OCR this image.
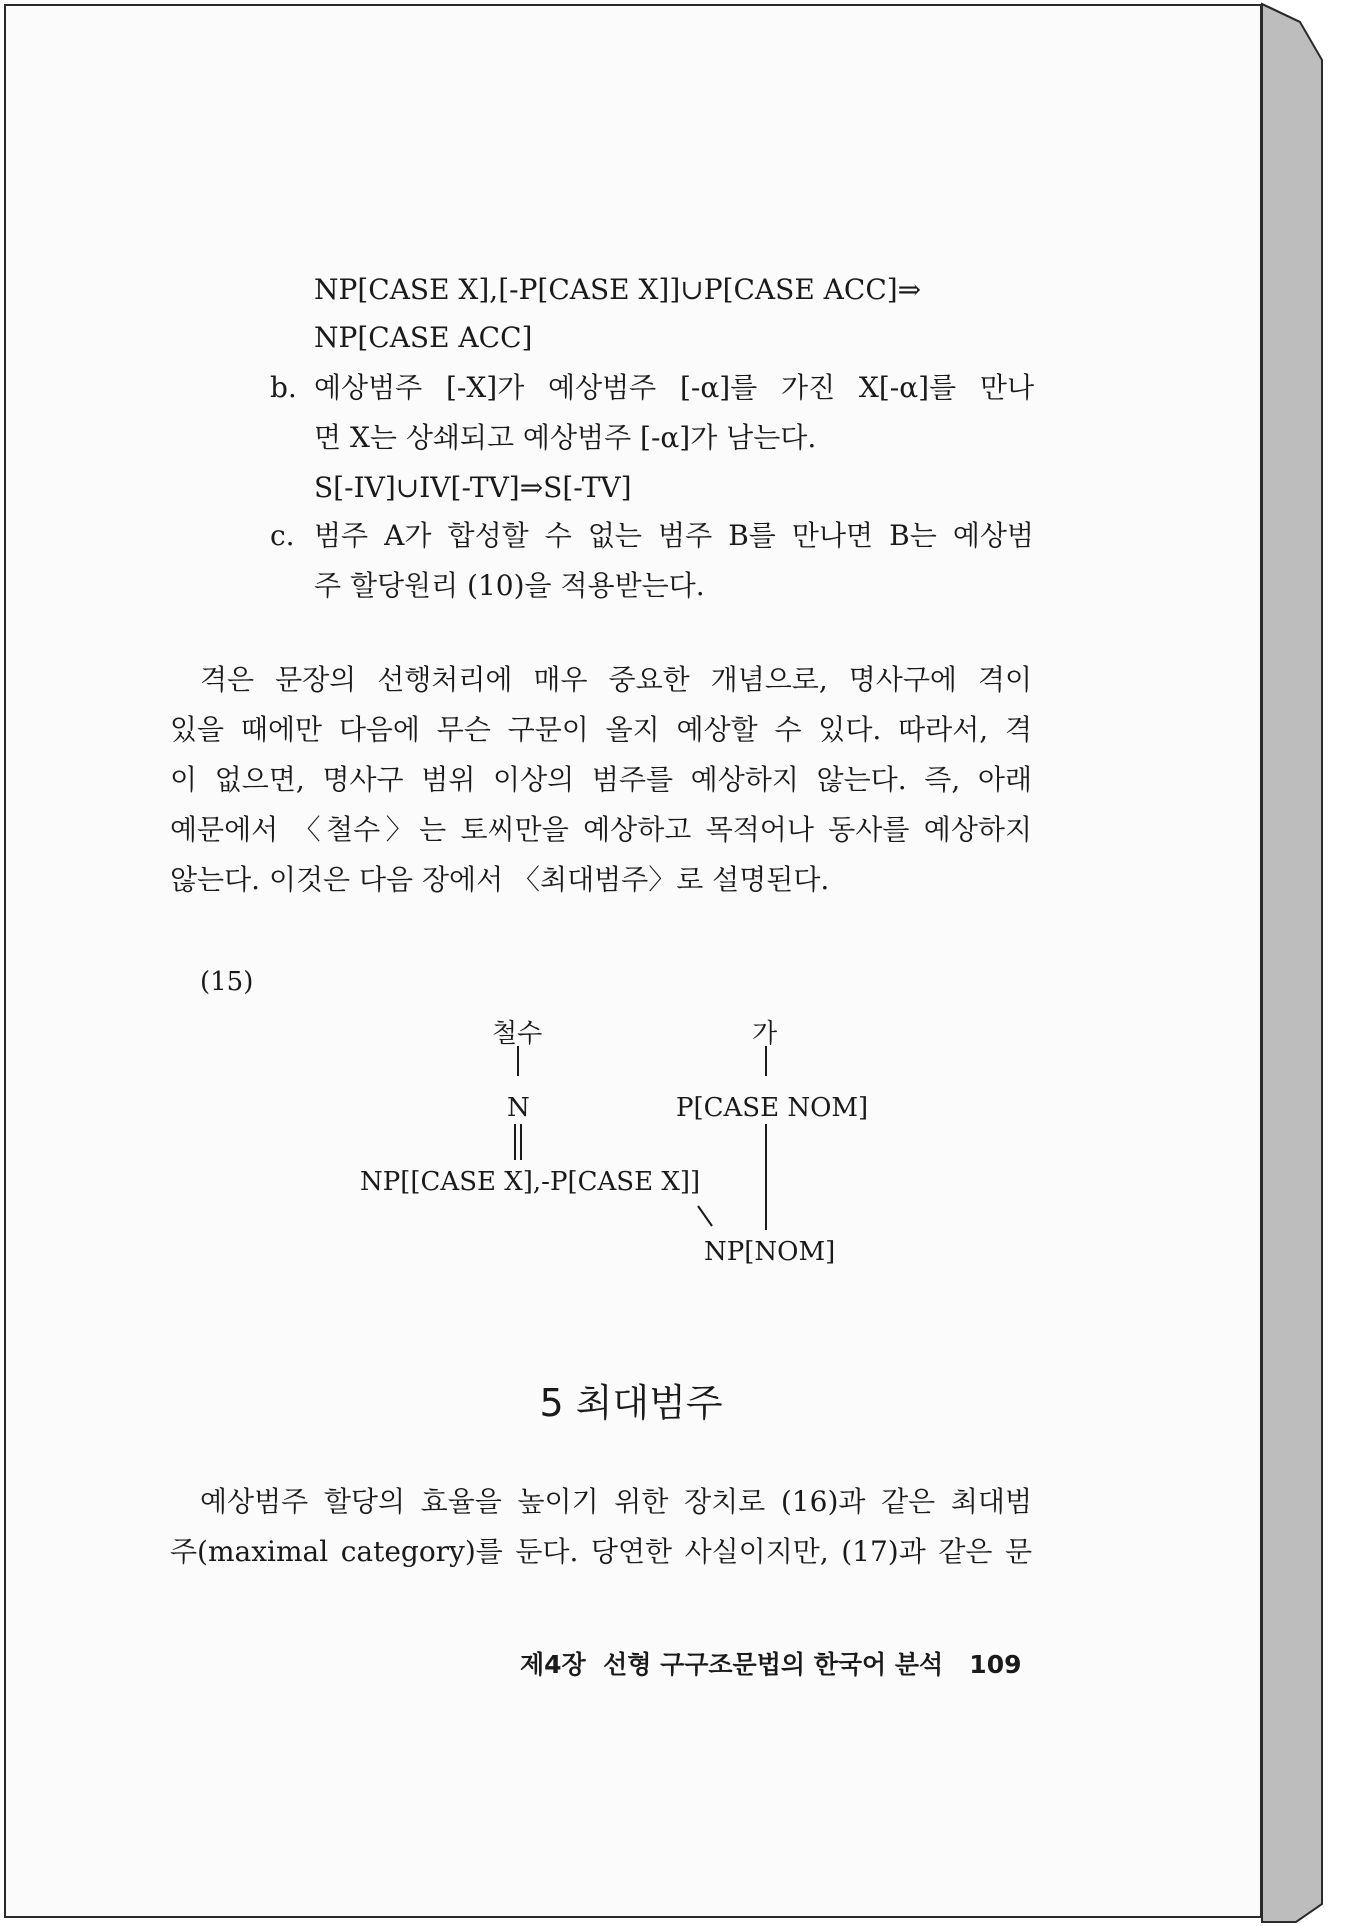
NP[CASE X],[-P[CASE X]]∪P[CASE ACC]⇒
NP[CASE ACC]
b. 예상범주 [-X]가 예상범주 [-α]를 가진 X[-α]를 만나
면 X는 상쇄되고 예상범주 [-α]가 남는다.
S[-IV]∪IV[-TV]⇒S[-TV]
c. 범주 A가 합성할 수 없는 범주 B를 만나면 B는 예상범
주 할당원리 (10)을 적용받는다.
격은 문장의 선행처리에 매우 중요한 개념으로, 명사구에 격이
있을 때에만 다음에 무슨 구문이 올지 예상할 수 있다. 따라서, 격
이 없으면, 명사구 범위 이상의 범주를 예상하지 않는다. 즉, 아래
예문에서 〈철수〉는 토씨만을 예상하고 목적어나 동사를 예상하지
않는다. 이것은 다음 장에서 〈최대범주〉로 설명된다.
(15)
철수	가
N	P[CASE NOM]
NP[[CASE X],-P[CASE X]]
NP[NOM]
5 최대범주
예상범주 할당의 효율을 높이기 위한 장치로 (16)과 같은 최대범
주(maximal category)를 둔다. 당연한 사실이지만, (17)과 같은 문
제4장  선형 구구조문법의 한국어 분석 109
